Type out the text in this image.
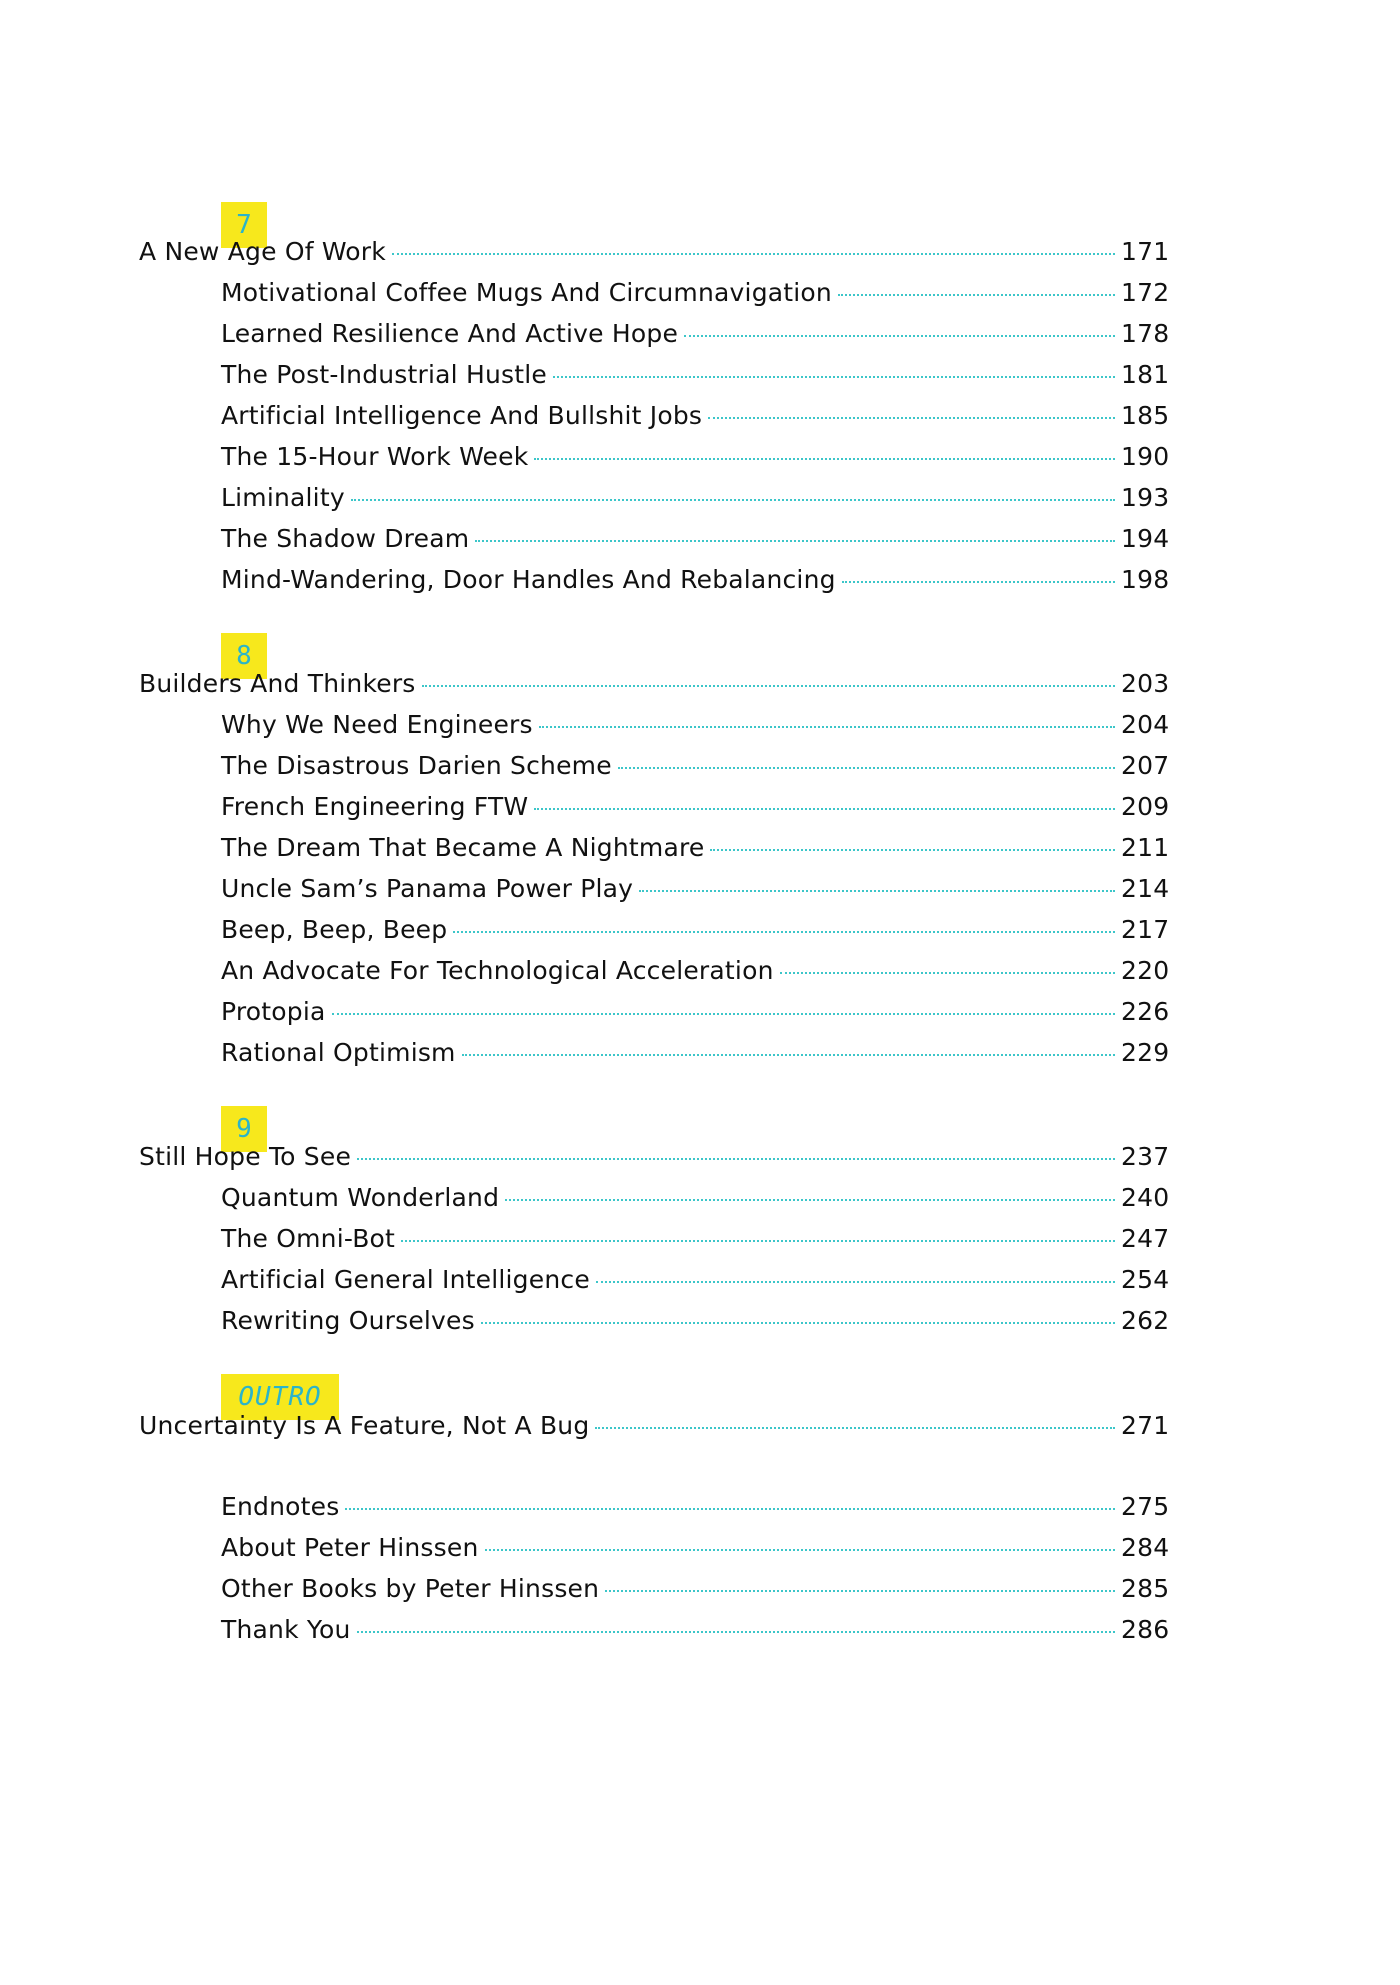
7
A New Age Of Work	171
Motivational Coffee Mugs And Circumnavigation	172
Learned Resilience And Active Hope	178
The Post-Industrial Hustle	181
Artificial Intelligence And Bullshit Jobs	185
The 15-Hour Work Week	190
Liminality	193
The Shadow Dream	194
Mind-Wandering, Door Handles And Rebalancing	198
8
Builders And Thinkers	203
Why We Need Engineers	204
The Disastrous Darien Scheme	207
French Engineering FTW	209
The Dream That Became A Nightmare	211
Uncle Sam’s Panama Power Play	214
Beep, Beep, Beep	217
An Advocate For Technological Acceleration	220
Protopia	226
Rational Optimism	229
9
Still Hope To See	237
Quantum Wonderland	240
The Omni-Bot	247
Artificial General Intelligence	254
Rewriting Ourselves	262
OUTRO
Uncertainty Is A Feature, Not A Bug	271
Endnotes	275
About Peter Hinssen	284
Other Books by Peter Hinssen	285
Thank You	286
